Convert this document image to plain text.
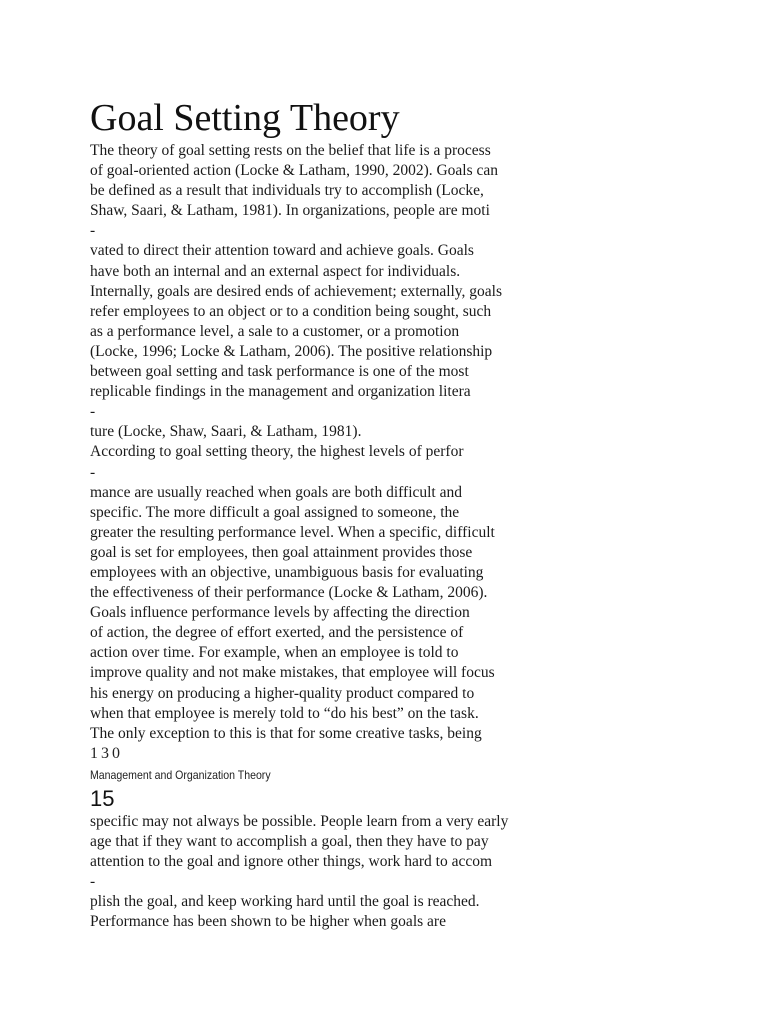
Goal Setting Theory
The theory of goal setting rests on the belief that life is a process
of goal-oriented action (Locke & Latham, 1990, 2002). Goals can
be defined as a result that individuals try to accomplish (Locke,
Shaw, Saari, & Latham, 1981). In organizations, people are moti
-
vated to direct their attention toward and achieve goals. Goals
have both an internal and an external aspect for individuals.
Internally, goals are desired ends of achievement; externally, goals
refer employees to an object or to a condition being sought, such
as a performance level, a sale to a customer, or a promotion
(Locke, 1996; Locke & Latham, 2006). The positive relationship
between goal setting and task performance is one of the most
replicable findings in the management and organization litera
-
ture (Locke, Shaw, Saari, & Latham, 1981).
According to goal setting theory, the highest levels of perfor
-
mance are usually reached when goals are both difficult and
specific. The more difficult a goal assigned to someone, the
greater the resulting performance level. When a specific, difficult
goal is set for employees, then goal attainment provides those
employees with an objective, unambiguous basis for evaluating
the effectiveness of their performance (Locke & Latham, 2006).
Goals influence performance levels by affecting the direction
of action, the degree of effort exerted, and the persistence of
action over time. For example, when an employee is told to
improve quality and not make mistakes, that employee will focus
his energy on producing a higher-quality product compared to
when that employee is merely told to “do his best” on the task.
The only exception to this is that for some creative tasks, being
130
Management and Organization Theory
15
specific may not always be possible. People learn from a very early
age that if they want to accomplish a goal, then they have to pay
attention to the goal and ignore other things, work hard to accom
-
plish the goal, and keep working hard until the goal is reached.
Performance has been shown to be higher when goals are
